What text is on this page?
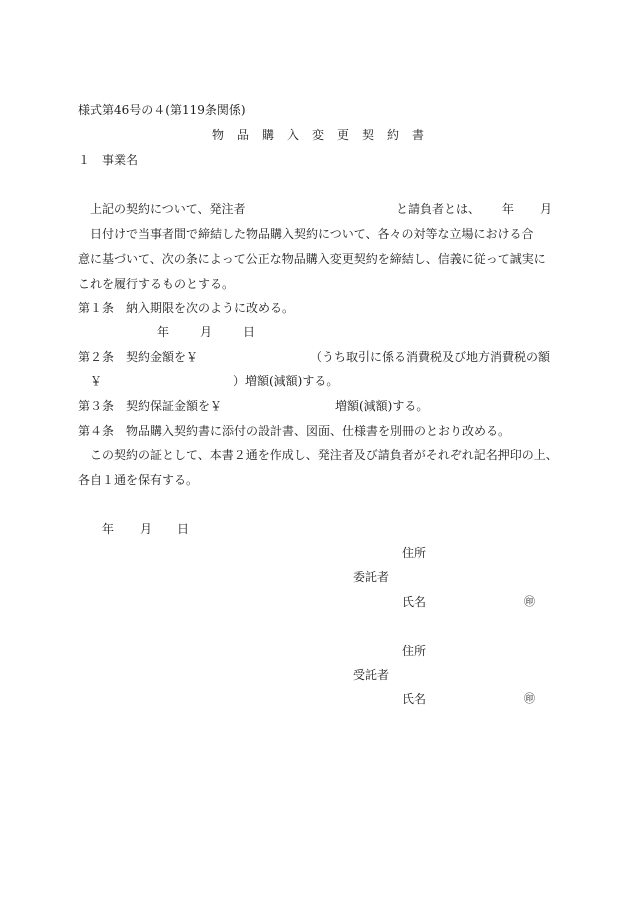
様式第46号の４(第119条関係)
物 品 購 入 変 更 契 約 書
１　事業名
上記の契約について、発注者	と請負者とは、 年 月
日付けで当事者間で締結した物品購入契約について、各々の対等な立場における合
意に基づいて、次の条によって公正な物品購入変更契約を締結し、信義に従って誠実に
これを履行するものとする。
第１条　納入期限を次のように改める。
年	月	日
第２条　契約金額を￥	（うち取引に係る消費税及び地方消費税の額
￥	）増額(減額)する。
第３条　契約保証金額を￥	増額(減額)する。
第４条　物品購入契約書に添付の設計書、図面、仕様書を別冊のとおり改める。
この契約の証として、本書２通を作成し、発注者及び請負者がそれぞれ記名押印の上、
各自１通を保有する。
年 月 日
住所
委託者
氏名	㊞
住所
受託者
氏名	㊞
